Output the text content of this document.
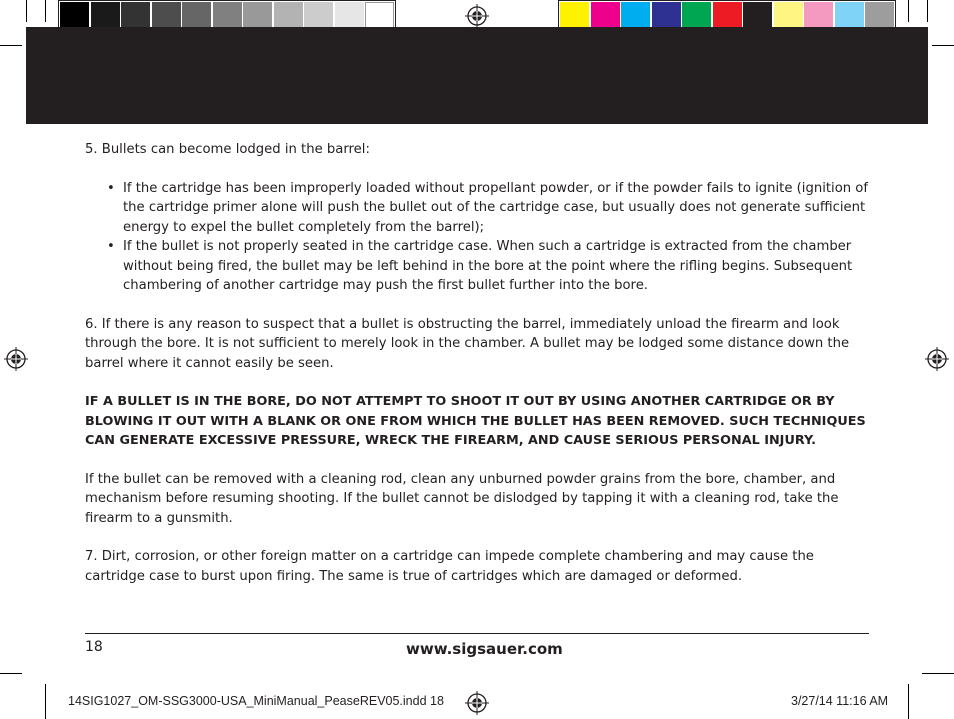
5. Bullets can become lodged in the barrel:

• If the cartridge has been improperly loaded without propellant powder, or if the powder fails to ignite (ignition of the cartridge primer alone will push the bullet out of the cartridge case, but usually does not generate sufficient energy to expel the bullet completely from the barrel);
• If the bullet is not properly seated in the cartridge case. When such a cartridge is extracted from the chamber without being fired, the bullet may be left behind in the bore at the point where the rifling begins. Subsequent chambering of another cartridge may push the first bullet further into the bore.

6. If there is any reason to suspect that a bullet is obstructing the barrel, immediately unload the firearm and look through the bore. It is not sufficient to merely look in the chamber. A bullet may be lodged some distance down the barrel where it cannot easily be seen.

IF A BULLET IS IN THE BORE, DO NOT ATTEMPT TO SHOOT IT OUT BY USING ANOTHER CARTRIDGE OR BY BLOWING IT OUT WITH A BLANK OR ONE FROM WHICH THE BULLET HAS BEEN REMOVED. SUCH TECHNIQUES CAN GENERATE EXCESSIVE PRESSURE, WRECK THE FIREARM, AND CAUSE SERIOUS PERSONAL INJURY.

If the bullet can be removed with a cleaning rod, clean any unburned powder grains from the bore, chamber, and mechanism before resuming shooting. If the bullet cannot be dislodged by tapping it with a cleaning rod, take the firearm to a gunsmith.

7. Dirt, corrosion, or other foreign matter on a cartridge can impede complete chambering and may cause the cartridge case to burst upon firing. The same is true of cartridges which are damaged or deformed.

18	www.sigsauer.com
14SIG1027_OM-SSG3000-USA_MiniManual_PeaseREV05.indd 18	3/27/14 11:16 AM
